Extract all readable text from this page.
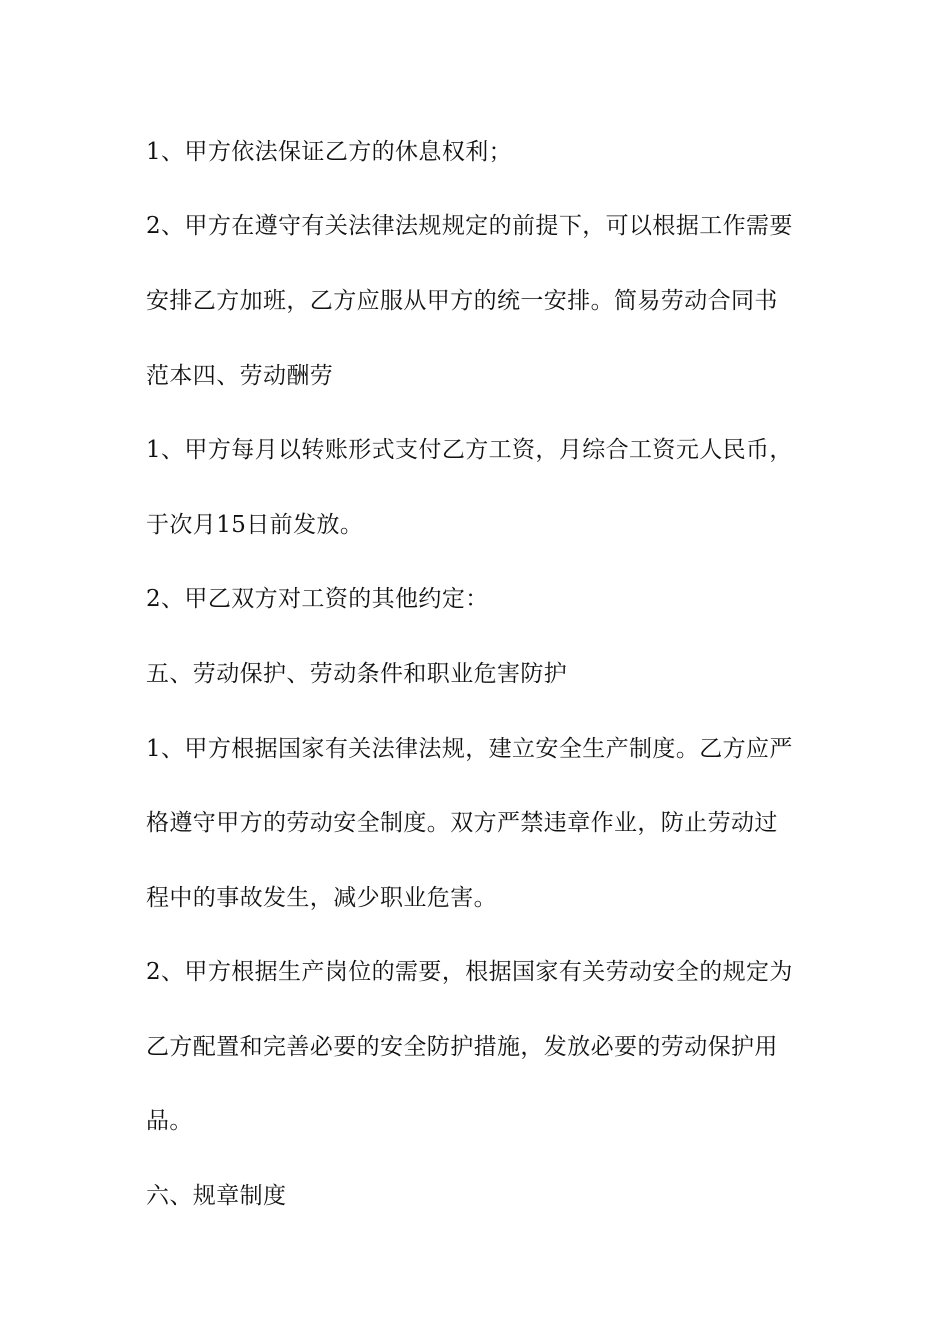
1、甲方依法保证乙方的休息权利；

2、甲方在遵守有关法律法规规定的前提下，可以根据工作需要

安排乙方加班，乙方应服从甲方的统一安排。简易劳动合同书

范本四、劳动酬劳

1、甲方每月以转账形式支付乙方工资，月综合工资元人民币，

于次月15日前发放。

2、甲乙双方对工资的其他约定：

五、劳动保护、劳动条件和职业危害防护

1、甲方根据国家有关法律法规，建立安全生产制度。乙方应严

格遵守甲方的劳动安全制度。双方严禁违章作业，防止劳动过

程中的事故发生，减少职业危害。

2、甲方根据生产岗位的需要，根据国家有关劳动安全的规定为

乙方配置和完善必要的安全防护措施，发放必要的劳动保护用

品。

六、规章制度
